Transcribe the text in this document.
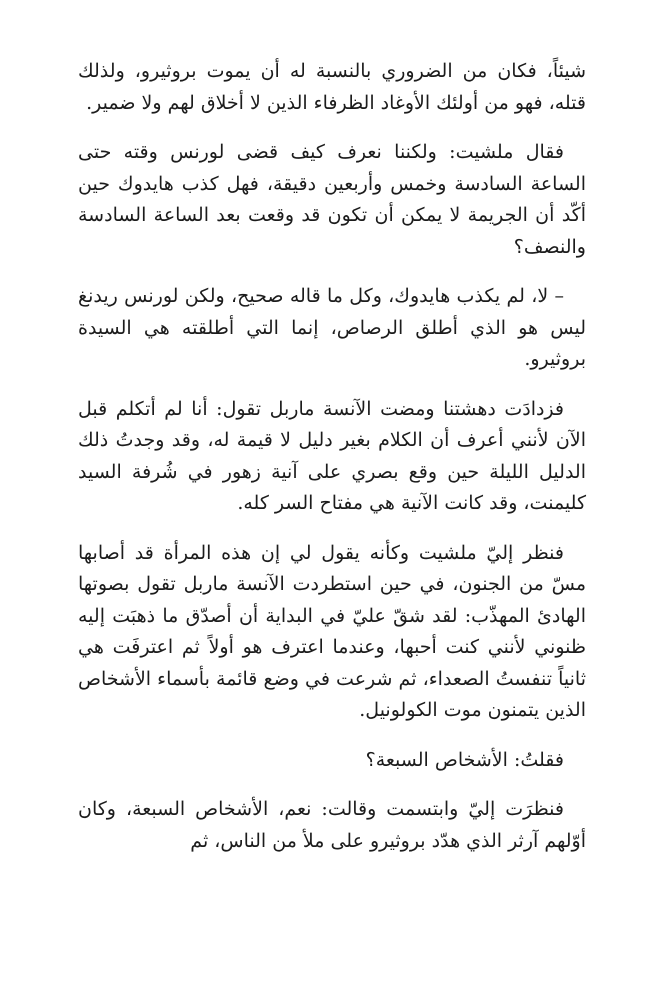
شيئاً، فكان من الضروري بالنسبة له أن يموت بروثيرو، ولذلك قتله، فهو من أولئك الأوغاد الظرفاء الذين لا أخلاق لهم ولا ضمير.

فقال ملشيت: ولكننا نعرف كيف قضى لورنس وقته حتى الساعة السادسة وخمس وأربعين دقيقة، فهل كذب هايدوك حين أكّد أن الجريمة لا يمكن أن تكون قد وقعت بعد الساعة السادسة والنصف؟

– لا، لم يكذب هايدوك، وكل ما قاله صحيح، ولكن لورنس ريدنغ ليس هو الذي أطلق الرصاص، إنما التي أطلقته هي السيدة بروثيرو.

فزدادَت دهشتنا ومضت الآنسة ماربل تقول: أنا لم أتكلم قبل الآن لأنني أعرف أن الكلام بغير دليل لا قيمة له، وقد وجدتُ ذلك الدليل الليلة حين وقع بصري على آنية زهور في شُرفة السيد كليمنت، وقد كانت الآنية هي مفتاح السر كله.

فنظر إليّ ملشيت وكأنه يقول لي إن هذه المرأة قد أصابها مسّ من الجنون، في حين استطردت الآنسة ماربل تقول بصوتها الهادئ المهذّب: لقد شقّ عليّ في البداية أن أصدّق ما ذهبَت إليه ظنوني لأنني كنت أحبها، وعندما اعترف هو أولاً ثم اعترفَت هي ثانياً تنفستُ الصعداء، ثم شرعت في وضع قائمة بأسماء الأشخاص الذين يتمنون موت الكولونيل.

فقلتُ: الأشخاص السبعة؟

فنظرَت إليّ وابتسمت وقالت: نعم، الأشخاص السبعة، وكان أوّلهم آرثر الذي هدّد بروثيرو على ملأ من الناس، ثم
